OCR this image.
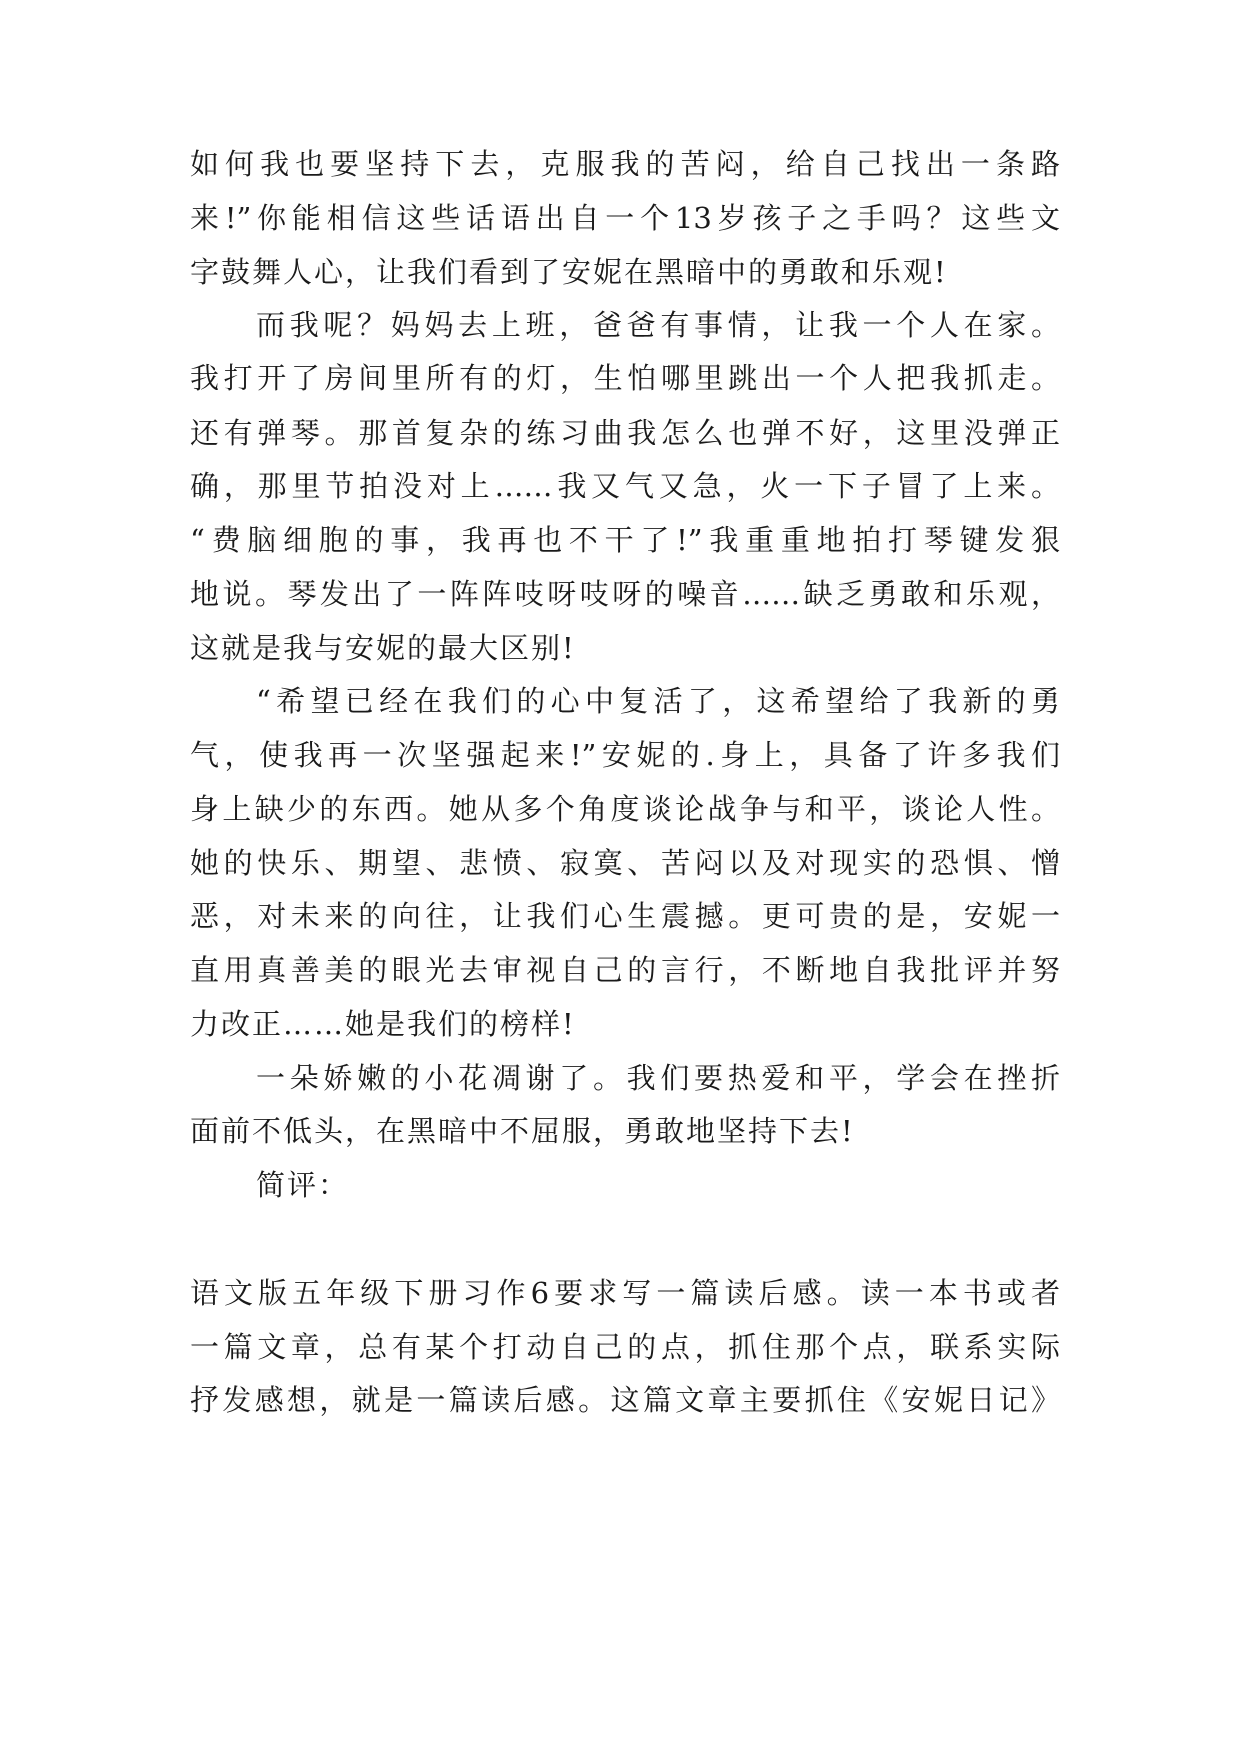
如何我也要坚持下去，克服我的苦闷，给自己找出一条路
来!”你能相信这些话语出自一个13岁孩子之手吗？这些文
字鼓舞人心，让我们看到了安妮在黑暗中的勇敢和乐观!
而我呢？妈妈去上班，爸爸有事情，让我一个人在家。
我打开了房间里所有的灯，生怕哪里跳出一个人把我抓走。
还有弹琴。那首复杂的练习曲我怎么也弹不好，这里没弹正
确，那里节拍没对上……我又气又急，火一下子冒了上来。
“费脑细胞的事，我再也不干了!”我重重地拍打琴键发狠
地说。琴发出了一阵阵吱呀吱呀的噪音……缺乏勇敢和乐观，
这就是我与安妮的最大区别!
“希望已经在我们的心中复活了，这希望给了我新的勇
气，使我再一次坚强起来!”安妮的.身上，具备了许多我们
身上缺少的东西。她从多个角度谈论战争与和平，谈论人性。
她的快乐、期望、悲愤、寂寞、苦闷以及对现实的恐惧、憎
恶，对未来的向往，让我们心生震撼。更可贵的是，安妮一
直用真善美的眼光去审视自己的言行，不断地自我批评并努
力改正……她是我们的榜样!
一朵娇嫩的小花凋谢了。我们要热爱和平，学会在挫折
面前不低头，在黑暗中不屈服，勇敢地坚持下去!
简评：
语文版五年级下册习作6要求写一篇读后感。读一本书或者
一篇文章，总有某个打动自己的点，抓住那个点，联系实际
抒发感想，就是一篇读后感。这篇文章主要抓住《安妮日记》
